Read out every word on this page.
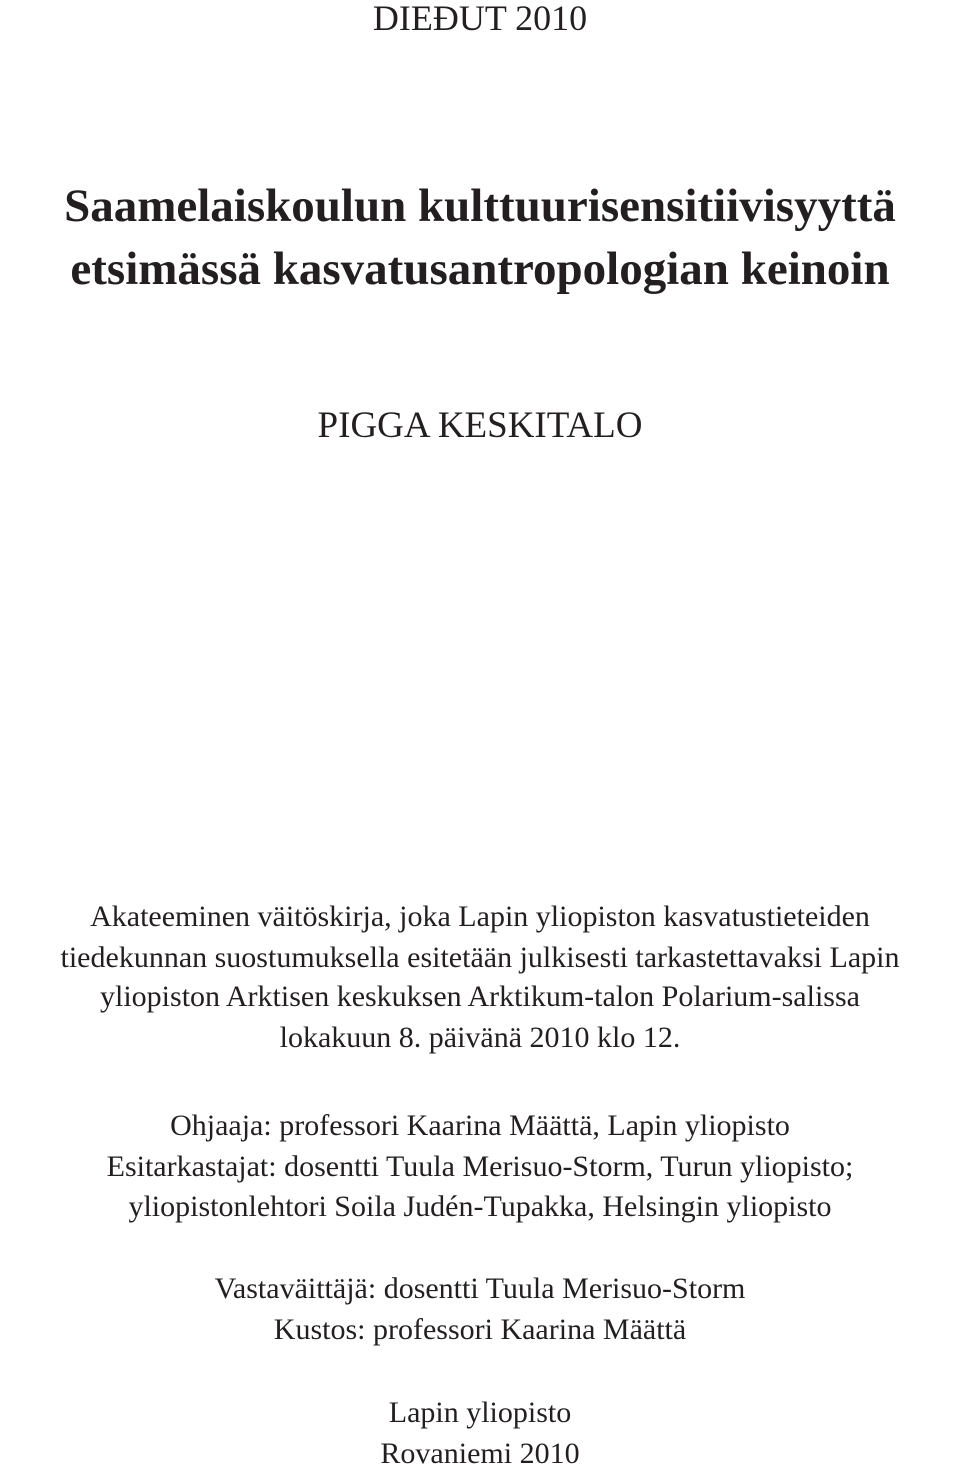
DIEĐUT 2010

Saamelaiskoulun kulttuurisensitiivisyyttä
etsimässä kasvatusantropologian keinoin

PIGGA KESKITALO

Akateeminen väitöskirja, joka Lapin yliopiston kasvatustieteiden

tiedekunnan suostumuksella esitetään julkisesti tarkastettavaksi Lapin

yliopiston Arktisen keskuksen Arktikum-talon Polarium-salissa

lokakuun 8. päivänä 2010 klo 12.

Ohjaaja: professori Kaarina Määttä, Lapin yliopisto

Esitarkastajat: dosentti Tuula Merisuo-Storm, Turun yliopisto;

yliopistonlehtori Soila Judén-Tupakka, Helsingin yliopisto

Vastaväittäjä: dosentti Tuula Merisuo-Storm

Kustos: professori Kaarina Määttä

Lapin yliopisto

Rovaniemi 2010
